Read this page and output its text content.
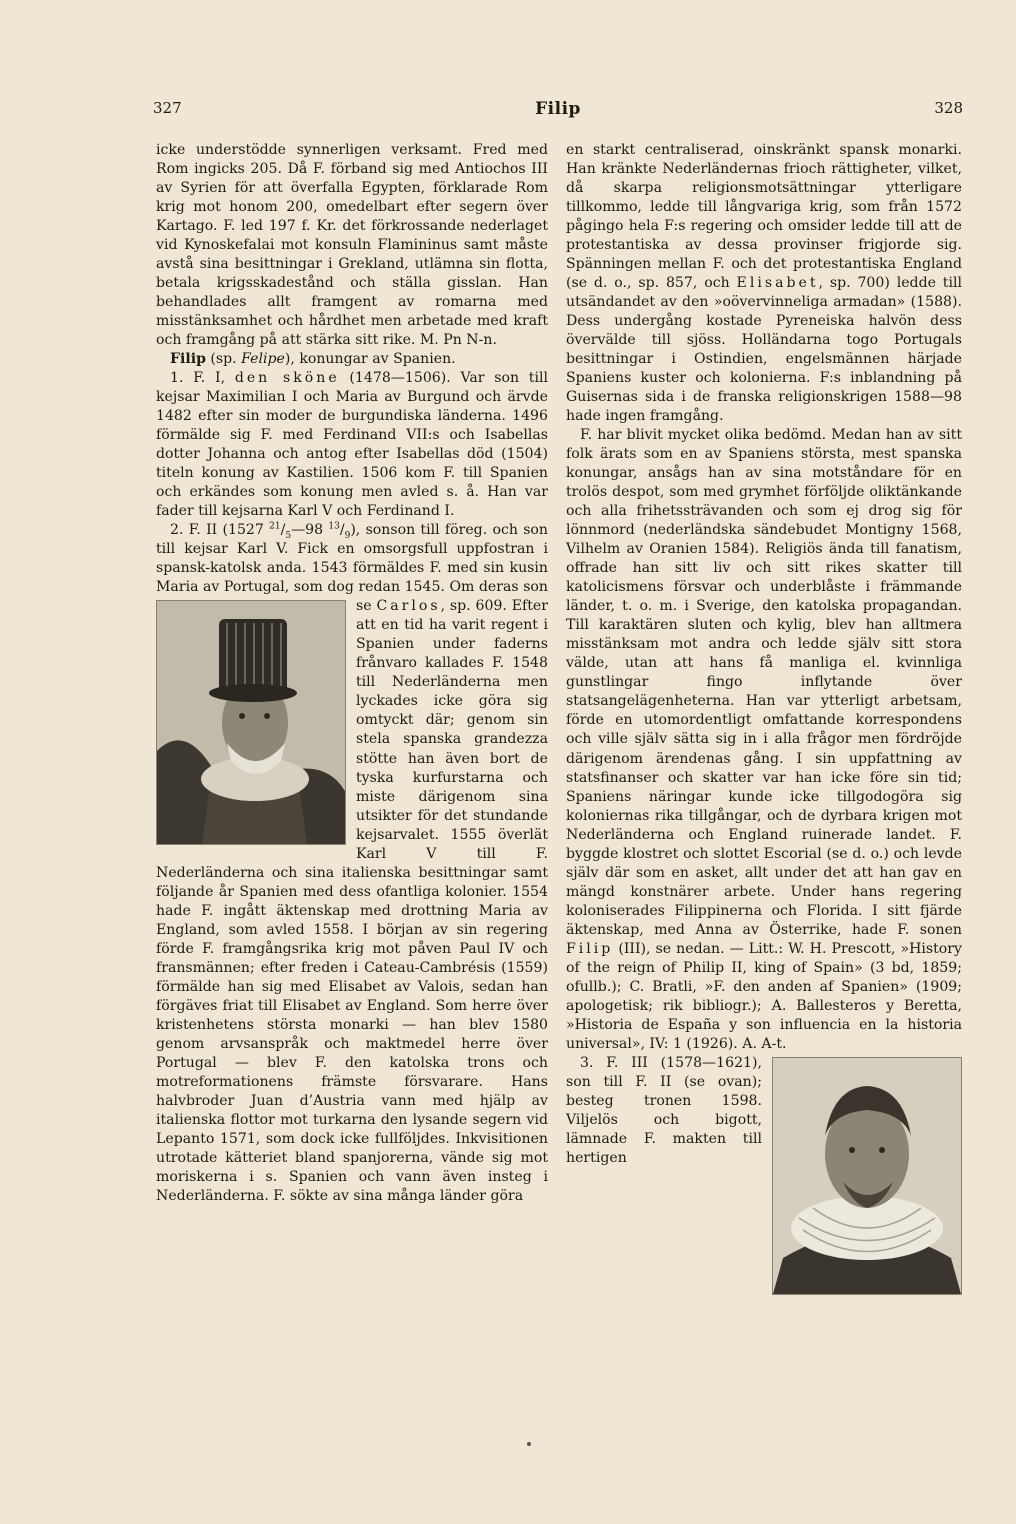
327	Filip	328

icke understödde synnerligen verksamt. Fred med Rom ingicks 205. Då F. förband sig med Antiochos III av Syrien för att överfalla Egypten, förklarade Rom krig mot honom 200, omedelbart efter segern över Kartago. F. led 197 f. Kr. det förkrossande nederlaget vid Kynoskefalai mot konsuln Flamininus samt måste avstå sina besittningar i Grekland, utlämna sin flotta, betala krigsskadestånd och ställa gisslan. Han behandlades allt framgent av romarna med misstänksamhet och hårdhet men arbetade med kraft och framgång på att stärka sitt rike. M. Pn N-n.

Filip (sp. Felipe), konungar av Spanien.

1. F. I, den sköne (1478—1506). Var son till kejsar Maximilian I och Maria av Burgund och ärvde 1482 efter sin moder de burgundiska länderna. 1496 förmälde sig F. med Ferdinand VII:s och Isabellas dotter Johanna och antog efter Isabellas död (1504) titeln konung av Kastilien. 1506 kom F. till Spanien och erkändes som konung men avled s. å. Han var fader till kejsarna Karl V och Ferdinand I.

2. F. II (1527 $^{21}/_5—98$ $^{13}/_9$), sonson till föreg. och son till kejsar Karl V. Fick en omsorgsfull uppfostran i spansk-katolsk anda. 1543 förmäldes F. med sin kusin Maria av Portugal, som dog redan 1545. Om deras son se
Carlos, sp. 609. Efter att en tid ha varit regent i Spanien under faderns frånvaro kallades F. 1548 till Nederländerna men lyckades icke göra sig omtyckt där; genom sin stela spanska grandezza stötte han även bort de tyska kurfurstarna och miste därigenom sina utsikter för det stundande kejsarvalet. 1555 överlät Karl V till F. Nederländerna och sina italienska besittningar samt följande år Spanien med dess ofantliga kolonier. 1554 hade F. ingått äktenskap med drottning Maria av England, som avled 1558. I början av sin regering förde F. framgångsrika krig mot påven Paul IV och fransmännen; efter freden i Cateau-Cambrésis (1559) förmälde han sig med Elisabet av Valois, sedan han förgäves friat till Elisabet av England. Som herre över kristenhetens största monarki — han blev 1580 genom arvsanspråk och maktmedel herre över Portugal — blev F. den katolska trons och motreformationens främste försvarare. Hans halvbroder Juan d’Austria vann med hjälp av italienska flottor mot turkarna den lysande segern vid Lepanto 1571, som dock icke fullföljdes. Inkvisitionen utrotade kätteriet bland spanjorerna, vände sig mot moriskerna i s. Spanien och vann även insteg i Nederländerna. F. sökte av sina många länder göra

en starkt centraliserad, oinskränkt spansk monarki. Han kränkte Nederländernas frioch rättigheter, vilket, då skarpa religionsmotsättningar ytterligare tillkommo, ledde till långvariga krig, som från 1572 pågingo hela F:s regering och omsider ledde till att de protestantiska av dessa provinser frigjorde sig. Spänningen mellan F. och det protestantiska England (se d. o., sp. 857, och Elisabet, sp. 700) ledde till utsändandet av den »oövervinneliga armadan» (1588). Dess undergång kostade Pyreneiska halvön dess övervälde till sjöss. Holländarna togo Portugals besittningar i Ostindien, engelsmännen härjade Spaniens kuster och kolonierna. F:s inblandning på Guisernas sida i de franska religionskrigen 1588—98 hade ingen framgång.

F. har blivit mycket olika bedömd. Medan han av sitt folk ärats som en av Spaniens största, mest spanska konungar, ansågs han av sina motståndare för en trolös despot, som med grymhet förföljde oliktänkande och alla frihetssträvanden och som ej drog sig för lönnmord (nederländska sändebudet Montigny 1568, Vilhelm av Oranien 1584). Religiös ända till fanatism, offrade han sitt liv och sitt rikes skatter till katolicismens försvar och underblåste i främmande länder, t. o. m. i Sverige, den katolska propagandan. Till karaktären sluten och kylig, blev han alltmera misstänksam mot andra och ledde själv sitt stora välde, utan att hans få manliga el. kvinnliga gunstlingar fingo inflytande över statsangelägenheterna. Han var ytterligt arbetsam, förde en utomordentligt omfattande korrespondens och ville själv sätta sig in i alla frågor men fördröjde därigenom ärendenas gång. I sin uppfattning av statsfinanser och skatter var han icke före sin tid; Spaniens näringar kunde icke tillgodogöra sig koloniernas rika tillgångar, och de dyrbara krigen mot Nederländerna och England ruinerade landet. F. byggde klostret och slottet Escorial (se d. o.) och levde själv där som en asket, allt under det att han gav en mängd konstnärer arbete. Under hans regering koloniserades Filippinerna och Florida. I sitt fjärde äktenskap, med Anna av Österrike, hade F. sonen Filip (III), se nedan. — Litt.: W. H. Prescott, »History of the reign of Philip II, king of Spain» (3 bd, 1859; ofullb.); C. Bratli, »F. den anden af Spanien» (1909; apologetisk; rik bibliogr.); A. Ballesteros y Beretta, »Historia de España y son influencia en la historia universal», IV: 1 (1926). A. A-t.

3. F. III (1578—1621), son till F. II (se ovan); besteg tronen 1598. Viljelös och bigott, lämnade F. makten till hertigen
